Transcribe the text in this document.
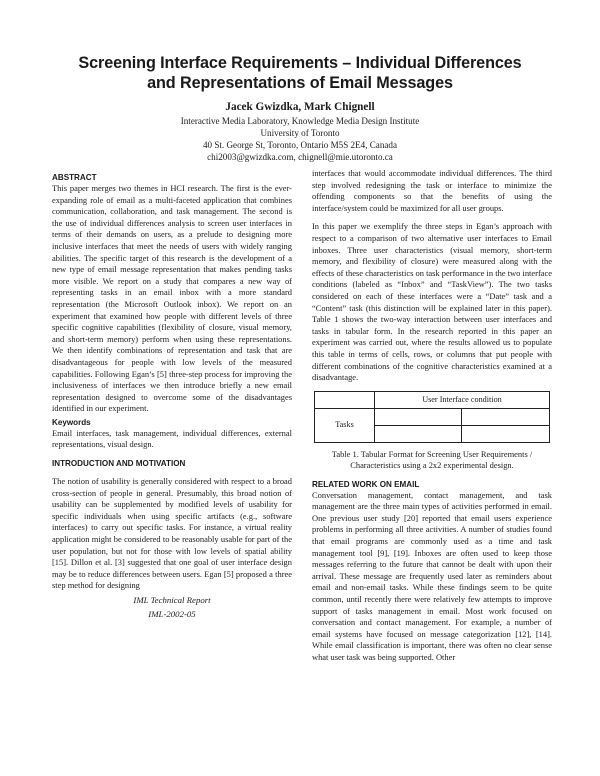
Screening Interface Requirements – Individual Differences
and Representations of Email Messages
Jacek Gwizdka, Mark Chignell
Interactive Media Laboratory, Knowledge Media Design Institute
University of Toronto
40 St. George St, Toronto, Ontario M5S 2E4, Canada
chi2003@gwizdka.com, chignell@mie.utoronto.ca
ABSTRACT

This paper merges two themes in HCI research. The first is the ever-expanding role of email as a multi-faceted application that combines communication, collaboration, and task management. The second is the use of individual differences analysis to screen user interfaces in terms of their demands on users, as a prelude to designing more inclusive interfaces that meet the needs of users with widely ranging abilities. The specific target of this research is the development of a new type of email message representation that makes pending tasks more visible. We report on a study that compares a new way of representing tasks in an email inbox with a more standard representation (the Microsoft Outlook inbox). We report on an experiment that examined how people with different levels of three specific cognitive capabilities (flexibility of closure, visual memory, and short-term memory) perform when using these representations. We then identify combinations of representation and task that are disadvantageous for people with low levels of the measured capabilities. Following Egan’s [5] three-step process for improving the inclusiveness of interfaces we then introduce briefly a new email representation designed to overcome some of the disadvantages identified in our experiment.

Keywords

Email interfaces, task management, individual differences, external representations, visual design.

INTRODUCTION AND MOTIVATION

The notion of usability is generally considered with respect to a broad cross-section of people in general. Presumably, this broad notion of usability can be supplemented by modified levels of usability for specific individuals when using specific artifacts (e.g., software interfaces) to carry out specific tasks. For instance, a virtual reality application might be considered to be reasonably usable for part of the user population, but not for those with low levels of spatial ability [15]. Dillon et al. [3] suggested that one goal of user interface design may be to reduce differences between users. Egan [5] proposed a three step method for designing

interfaces that would accommodate individual differences. The third step involved redesigning the task or interface to minimize the offending components so that the benefits of using the interface/system could be maximized for all user groups.

In this paper we exemplify the three steps in Egan’s approach with respect to a comparison of two alternative user interfaces to Email inboxes. Three user characteristics (visual memory, short-term memory, and flexibility of closure) were measured along with the effects of these characteristics on task performance in the two interface conditions (labeled as “Inbox” and “TaskView”). The two tasks considered on each of these interfaces were a “Date” task and a “Content” task (this distinction will be explained later in this paper). Table 1 shows the two-way interaction between user interfaces and tasks in tabular form. In the research reported in this paper an experiment was carried out, where the results allowed us to populate this table in terms of cells, rows, or columns that put people with different combinations of the cognitive characteristics examined at a disadvantage.

	User Interface condition	
Tasks		

Table 1. Tabular Format for Screening User Requirements /
Characteristics using a 2x2 experimental design.
RELATED WORK ON EMAIL

Conversation management, contact management, and task management are the three main types of activities performed in email. One previous user study [20] reported that email users experience problems in performing all three activities. A number of studies found that email programs are commonly used as a time and task management tool [9], [19]. Inboxes are often used to keep those messages referring to the future that cannot be dealt with upon their arrival. These message are frequently used later as reminders about email and non-email tasks. While these findings seem to be quite common, until recently there were relatively few attempts to improve support of tasks management in email. Most work focused on conversation and contact management. For example, a number of email systems have focused on message categorization [12], [14]. While email classification is important, there was often no clear sense what user task was being supported. Other

IML Technical Report
IML-2002-05
